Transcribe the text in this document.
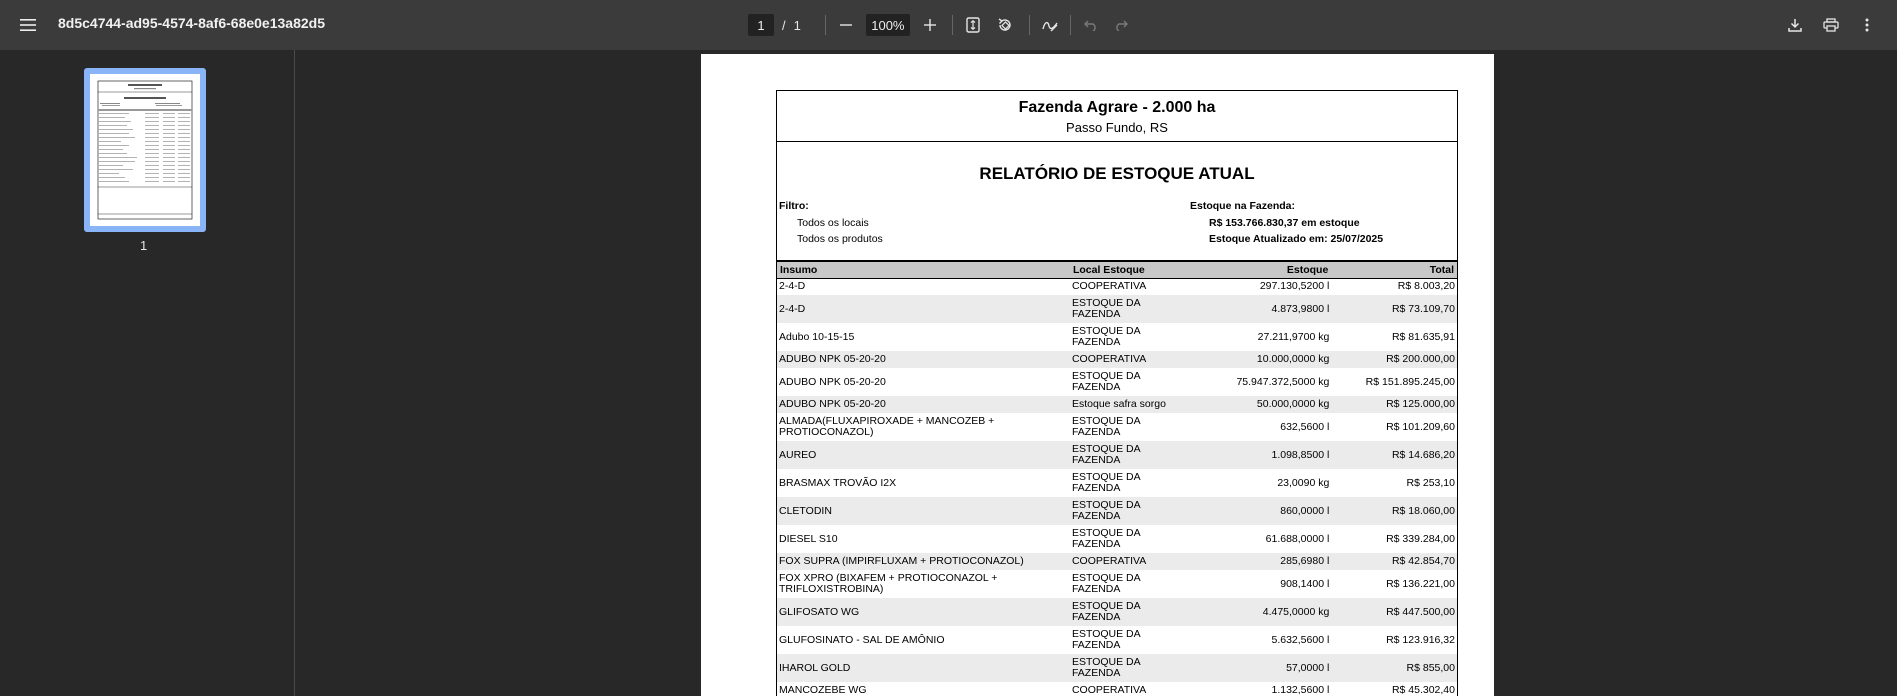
8d5c4744-ad95-4574-8af6-68e0e13a82d5
1	/ 1
100%
1
Fazenda Agrare - 2.000 ha
Passo Fundo, RS
RELATÓRIO DE ESTOQUE ATUAL
Filtro:
Todos os locais
Todos os produtos
Estoque na Fazenda:
R$ 153.766.830,37 em estoque
Estoque Atualizado em: 25/07/2025
Insumo	Local Estoque	Estoque	Total
2-4-D	COOPERATIVA	297.130,5200 l	R$ 8.003,20
2-4-D	ESTOQUE DA FAZENDA	4.873,9800 l	R$ 73.109,70
Adubo 10-15-15	ESTOQUE DA FAZENDA	27.211,9700 kg	R$ 81.635,91
ADUBO NPK 05-20-20	COOPERATIVA	10.000,0000 kg	R$ 200.000,00
ADUBO NPK 05-20-20	ESTOQUE DA FAZENDA	75.947.372,5000 kg	R$ 151.895.245,00
ADUBO NPK 05-20-20	Estoque safra sorgo	50.000,0000 kg	R$ 125.000,00
ALMADA(FLUXAPIROXADE + MANCOZEB + PROTIOCONAZOL)	ESTOQUE DA FAZENDA	632,5600 l	R$ 101.209,60
AUREO	ESTOQUE DA FAZENDA	1.098,8500 l	R$ 14.686,20
BRASMAX TROVÃO I2X	ESTOQUE DA FAZENDA	23,0090 kg	R$ 253,10
CLETODIN	ESTOQUE DA FAZENDA	860,0000 l	R$ 18.060,00
DIESEL S10	ESTOQUE DA FAZENDA	61.688,0000 l	R$ 339.284,00
FOX SUPRA (IMPIRFLUXAM + PROTIOCONAZOL)	COOPERATIVA	285,6980 l	R$ 42.854,70
FOX XPRO (BIXAFEM + PROTIOCONAZOL + TRIFLOXISTROBINA)	ESTOQUE DA FAZENDA	908,1400 l	R$ 136.221,00
GLIFOSATO WG	ESTOQUE DA FAZENDA	4.475,0000 kg	R$ 447.500,00
GLUFOSINATO - SAL DE AMÔNIO	ESTOQUE DA FAZENDA	5.632,5600 l	R$ 123.916,32
IHAROL GOLD	ESTOQUE DA FAZENDA	57,0000 l	R$ 855,00
MANCOZEBE WG	COOPERATIVA	1.132,5600 l	R$ 45.302,40
